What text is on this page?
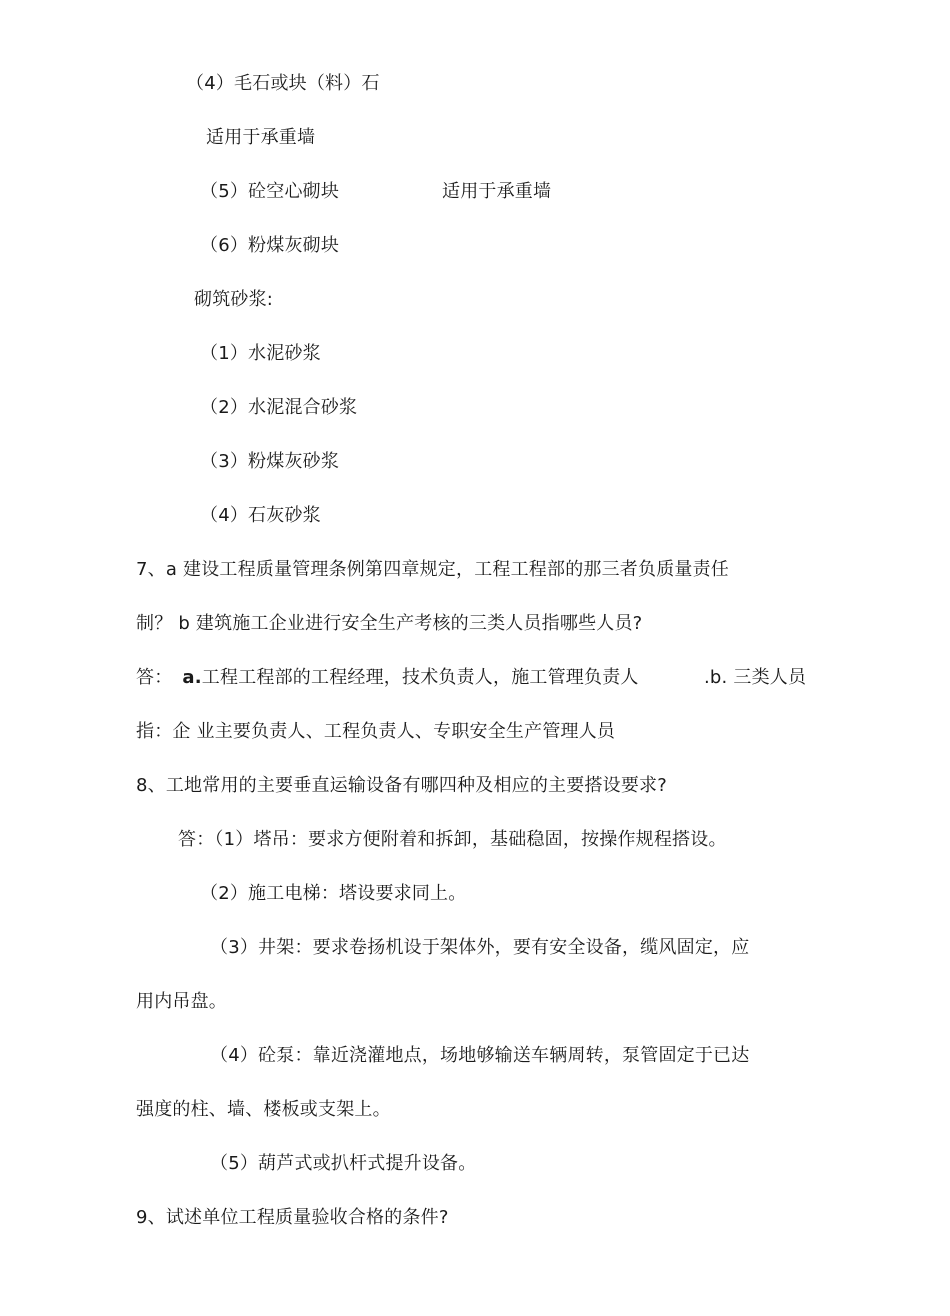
（4）毛石或块（料）石
适用于承重墙
（5）砼空心砌块	适用于承重墙
（6）粉煤灰砌块
砌筑砂浆:
（1）水泥砂浆
（2）水泥混合砂浆
（3）粉煤灰砂浆
（4）石灰砂浆
7、a 建设工程质量管理条例第四章规定，工程工程部的那三者负质量责任
制？ b 建筑施工企业进行安全生产考核的三类人员指哪些人员?
答： a.工程工程部的工程经理，技术负责人，施工管理负责人	.b. 三类人员
指：企 业主要负责人、工程负责人、专职安全生产管理人员
8、工地常用的主要垂直运输设备有哪四种及相应的主要搭设要求?
答：（1）塔吊：要求方便附着和拆卸，基础稳固，按操作规程搭设。
（2）施工电梯：塔设要求同上。
（3）井架：要求卷扬机设于架体外，要有安全设备，缆风固定，应
用内吊盘。
（4）砼泵：靠近浇灌地点，场地够输送车辆周转，泵管固定于已达
强度的柱、墙、楼板或支架上。
（5）葫芦式或扒杆式提升设备。
9、试述单位工程质量验收合格的条件?
